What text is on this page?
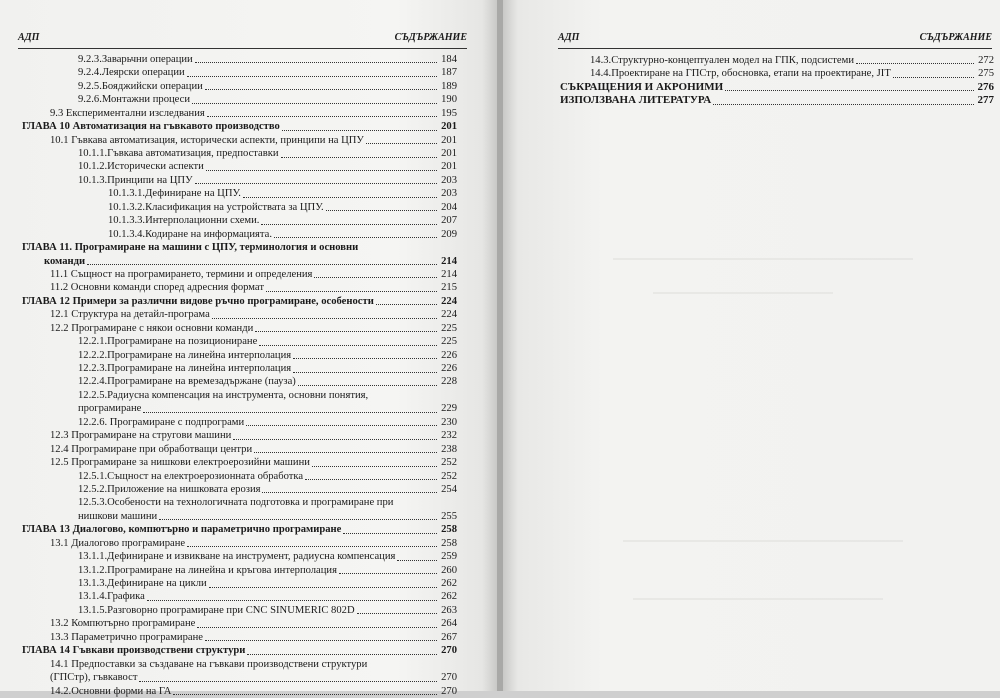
АДП	СЪДЪРЖАНИЕ
9.2.3.Заварьчни операции	184
9.2.4.Леярски операции	187
9.2.5.Бояджийски операции	189
9.2.6.Монтажни процеси	190
9.3 Експериментални изследвания	195
ГЛАВА 10 Автоматизация на гъвкавото производство	201
10.1 Гъвкава автоматизация, исторически аспекти, принципи на ЦПУ	201
10.1.1.Гъвкава автоматизация, предпоставки	201
10.1.2.Исторически аспекти	201
10.1.3.Принципи на ЦПУ	203
10.1.3.1.Дефиниране на ЦПУ.	203
10.1.3.2.Класификация на устройствата за ЦПУ.	204
10.1.3.3.Интерполационни схеми.	207
10.1.3.4.Кодиране на информацията.	209
ГЛАВА 11. Програмиране на машини с ЦПУ, терминология и основни
команди	214
11.1 Същност на програмирането, термини и определения	214
11.2 Основни команди според адресния формат	215
ГЛАВА 12 Примери за различни видове ръчно програмиране, особености	224
12.1 Структура на детайл-програма	224
12.2 Програмиране с някои основни команди	225
12.2.1.Програмиране на позициониране	225
12.2.2.Програмиране на линейна интерполация	226
12.2.3.Програмиране на линейна интерполация	226
12.2.4.Програмиране на времезадържане (пауза)	228
12.2.5.Радиусна компенсация на инструмента, основни понятия,
програмиране	229
12.2.6. Програмиране с подпрограми	230
12.3 Програмиране на стругови машини	232
12.4 Програмиране при обработващи центри	238
12.5 Програмиране за нишкови електроерозийни машини	252
12.5.1.Същност на електроерозионната обработка	252
12.5.2.Приложение на нишковата ерозия	254
12.5.3.Особености на технологичната подготовка и програмиране при
нишкови машини	255
ГЛАВА 13 Диалогово, компютърно и параметрично програмиране	258
13.1 Диалогово програмиране	258
13.1.1.Дефиниране и извикване на инструмент, радиусна компенсация	259
13.1.2.Програмиране на линейна и кръгова интерполация	260
13.1.3.Дефиниране на цикли	262
13.1.4.Графика	262
13.1.5.Разговорно програмиране при CNC SINUMERIC 802D	263
13.2 Компютърно програмиране	264
13.3 Параметрично програмиране	267
ГЛАВА 14 Гъвкави производствени структури	270
14.1 Предпоставки за създаване на гъвкави производствени структури
(ГПСтр), гъвкавост	270
14.2.Основни форми на ГА	270
АДП	СЪДЪРЖАНИЕ
14.3.Структурно-концептуален модел на ГПК, подсистеми	272
14.4.Проектиране на ГПСтр, обосновка, етапи на проектиране, JIT	275
СЪКРАЩЕНИЯ И АКРОНИМИ	276
ИЗПОЛЗВАНА ЛИТЕРАТУРА	277
